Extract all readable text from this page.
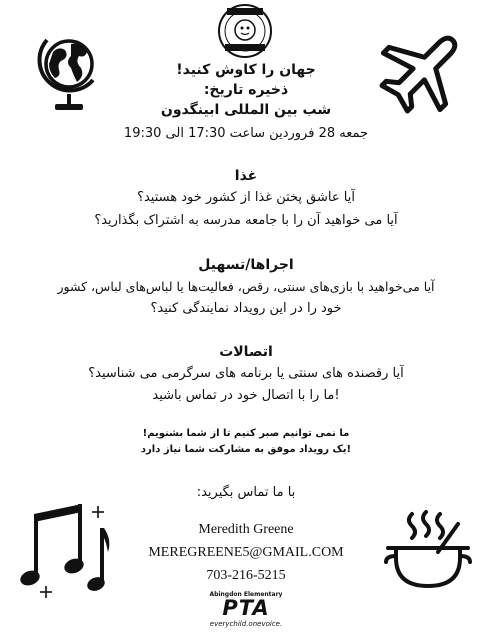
جهان را کاوش کنید!
ذخیره تاریخ:
شب بین المللی ابینگدون
جمعه 28 فروردین ساعت 17:30 الی 19:30
غذا
آیا عاشق پختن غذا از کشور خود هستید؟
آیا می خواهید آن را با جامعه مدرسه به اشتراک بگذارید؟
اجراها/تسهیل
آیا می‌خواهید با بازی‌های سنتی، رقص، فعالیت‌ها یا لباس‌های لباس، کشور
خود را در این رویداد نمایندگی کنید؟
اتصالات
آیا رقصنده های سنتی یا برنامه های سرگرمی می شناسید؟
!ما را با اتصال خود در تماس باشید
ما نمی توانیم صبر کنیم تا از شما بشنویم!
!یک رویداد موفق به مشارکت شما نیاز دارد
با ما تماس بگیرید:
Meredith Greene
MEREGREENE5@GMAIL.COM
703-216-5215
Abingdon Elementary
PTA
everychild.onevoice.
